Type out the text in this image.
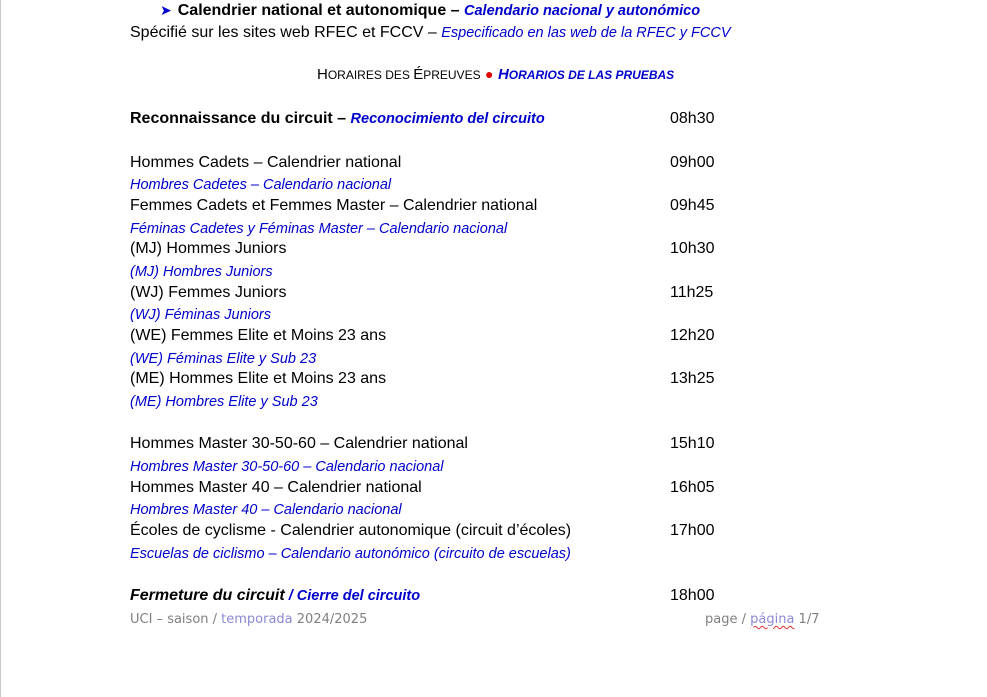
➤ Calendrier national et autonomique – Calendario nacional y autonómico
Spécifié sur les sites web RFEC et FCCV – Especificado en las web de la RFEC y FCCV
HORAIRES DES ÉPREUVES ● HORARIOS DE LAS PRUEBAS
Reconnaissance du circuit – Reconocimiento del circuito	08h30
Hommes Cadets – Calendrier national	09h00
Hombres Cadetes – Calendario nacional
Femmes Cadets et Femmes Master – Calendrier national	09h45
Féminas Cadetes y Féminas Master – Calendario nacional
(MJ) Hommes Juniors	10h30
(MJ) Hombres Juniors
(WJ) Femmes Juniors	11h25
(WJ) Féminas Juniors
(WE) Femmes Elite et Moins 23 ans	12h20
(WE) Féminas Elite y Sub 23
(ME) Hommes Elite et Moins 23 ans	13h25
(ME) Hombres Elite y Sub 23
Hommes Master 30-50-60 – Calendrier national	15h10
Hombres Master 30-50-60 – Calendario nacional
Hommes Master 40 – Calendrier national	16h05
Hombres Master 40 – Calendario nacional
Écoles de cyclisme - Calendrier autonomique (circuit d’écoles)	17h00
Escuelas de ciclismo – Calendario autonómico (circuito de escuelas)
Fermeture du circuit / Cierre del circuito	18h00
UCI – saison / temporada 2024/2025	page / página 1/7
